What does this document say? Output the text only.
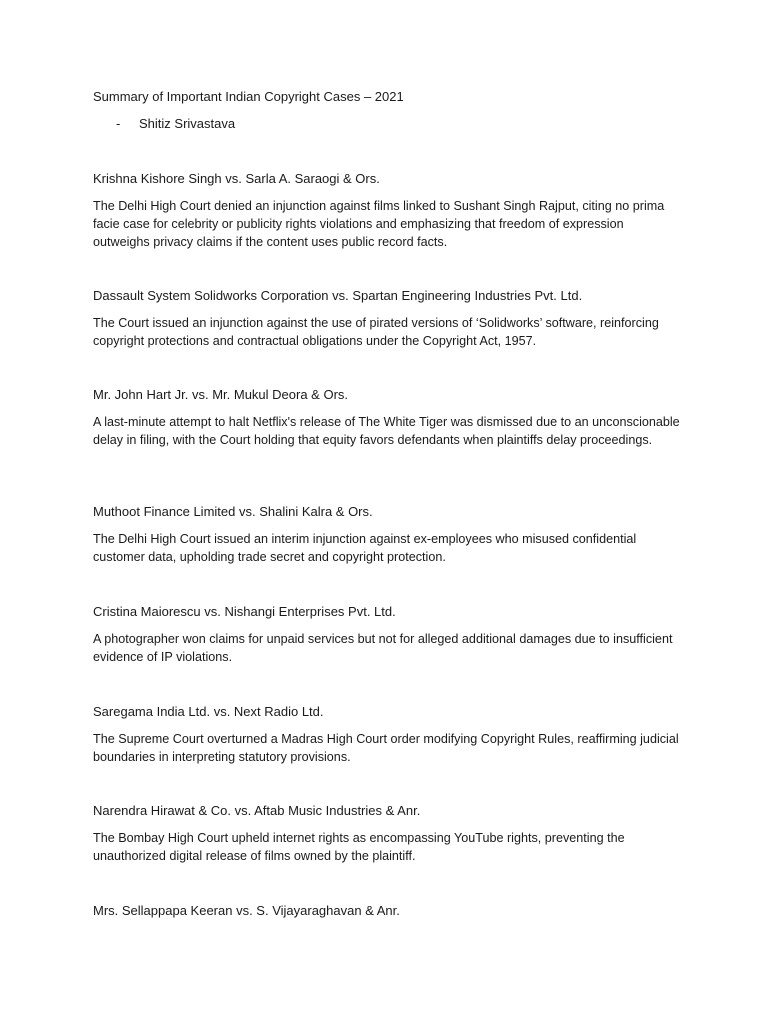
Summary of Important Indian Copyright Cases – 2021
- Shitiz Srivastava

Krishna Kishore Singh vs. Sarla A. Saraogi & Ors.

The Delhi High Court denied an injunction against films linked to Sushant Singh Rajput, citing no prima facie case for celebrity or publicity rights violations and emphasizing that freedom of expression outweighs privacy claims if the content uses public record facts.

Dassault System Solidworks Corporation vs. Spartan Engineering Industries Pvt. Ltd.

The Court issued an injunction against the use of pirated versions of ‘Solidworks’ software, reinforcing copyright protections and contractual obligations under the Copyright Act, 1957.

Mr. John Hart Jr. vs. Mr. Mukul Deora & Ors.

A last-minute attempt to halt Netflix's release of The White Tiger was dismissed due to an unconscionable delay in filing, with the Court holding that equity favors defendants when plaintiffs delay proceedings.

Muthoot Finance Limited vs. Shalini Kalra & Ors.

The Delhi High Court issued an interim injunction against ex-employees who misused confidential customer data, upholding trade secret and copyright protection.

Cristina Maiorescu vs. Nishangi Enterprises Pvt. Ltd.

A photographer won claims for unpaid services but not for alleged additional damages due to insufficient evidence of IP violations.

Saregama India Ltd. vs. Next Radio Ltd.

The Supreme Court overturned a Madras High Court order modifying Copyright Rules, reaffirming judicial boundaries in interpreting statutory provisions.

Narendra Hirawat & Co. vs. Aftab Music Industries & Anr.

The Bombay High Court upheld internet rights as encompassing YouTube rights, preventing the unauthorized digital release of films owned by the plaintiff.

Mrs. Sellappapa Keeran vs. S. Vijayaraghavan & Anr.
